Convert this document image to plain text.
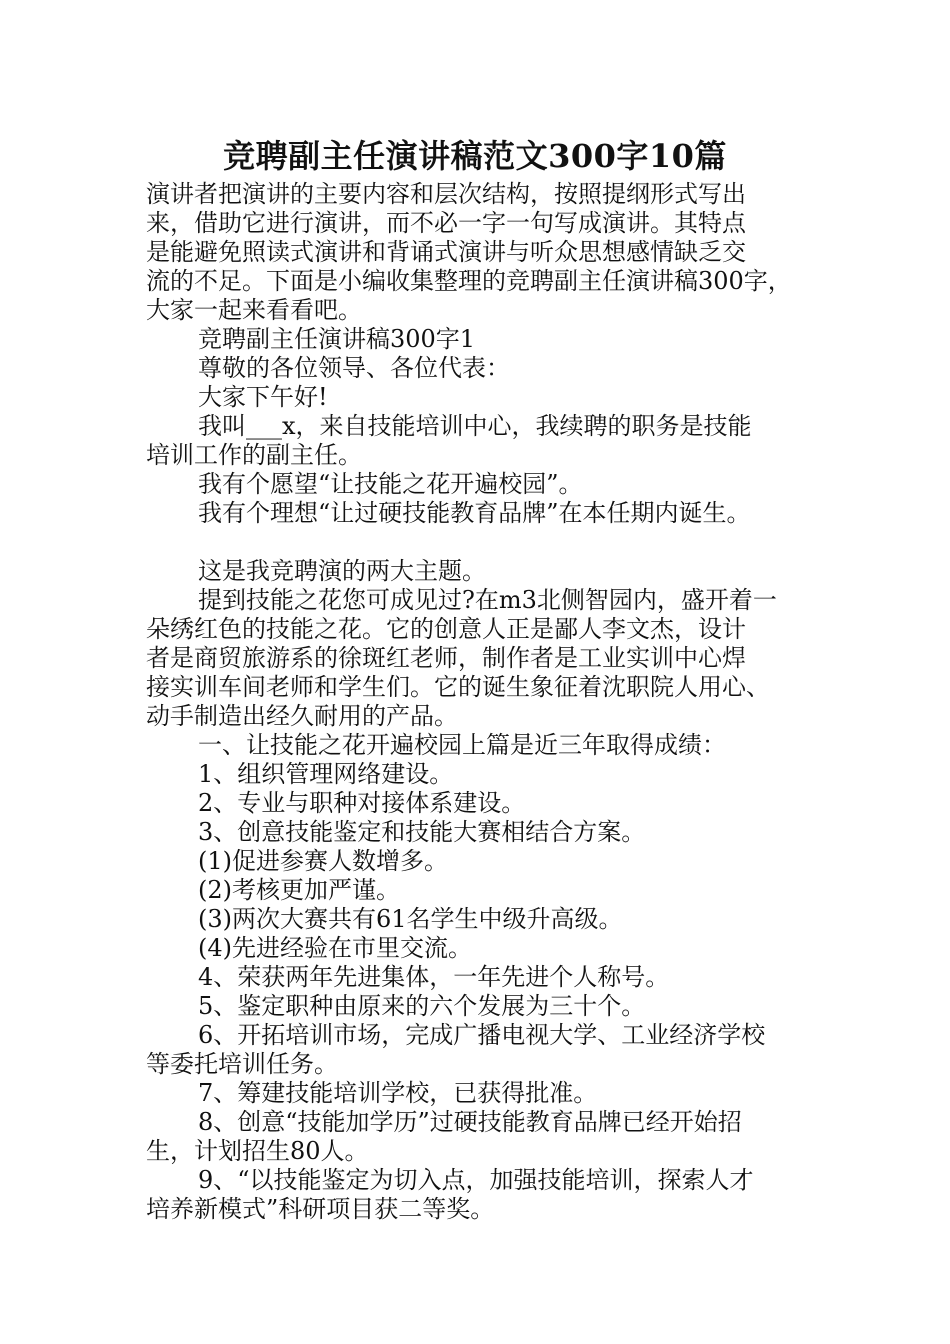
竞聘副主任演讲稿范文300字10篇
演讲者把演讲的主要内容和层次结构，按照提纲形式写出
来，借助它进行演讲，而不必一字一句写成演讲。其特点
是能避免照读式演讲和背诵式演讲与听众思想感情缺乏交
流的不足。下面是小编收集整理的竞聘副主任演讲稿300字，
大家一起来看看吧。
竞聘副主任演讲稿300字1
尊敬的各位领导、各位代表：
大家下午好!
我叫___x，来自技能培训中心，我续聘的职务是技能
培训工作的副主任。
我有个愿望“让技能之花开遍校园”。
我有个理想“让过硬技能教育品牌”在本任期内诞生。
这是我竞聘演的两大主题。
提到技能之花您可成见过?在m3北侧智园内，盛开着一
朵绣红色的技能之花。它的创意人正是鄙人李文杰，设计
者是商贸旅游系的徐斑红老师，制作者是工业实训中心焊
接实训车间老师和学生们。它的诞生象征着沈职院人用心、
动手制造出经久耐用的产品。
一、让技能之花开遍校园上篇是近三年取得成绩：
1、组织管理网络建设。
2、专业与职种对接体系建设。
3、创意技能鉴定和技能大赛相结合方案。
(1)促进参赛人数增多。
(2)考核更加严谨。
(3)两次大赛共有61名学生中级升高级。
(4)先进经验在市里交流。
4、荣获两年先进集体，一年先进个人称号。
5、鉴定职种由原来的六个发展为三十个。
6、开拓培训市场，完成广播电视大学、工业经济学校
等委托培训任务。
7、筹建技能培训学校，已获得批准。
8、创意“技能加学历”过硬技能教育品牌已经开始招
生，计划招生80人。
9、“以技能鉴定为切入点，加强技能培训，探索人才
培养新模式”科研项目获二等奖。
